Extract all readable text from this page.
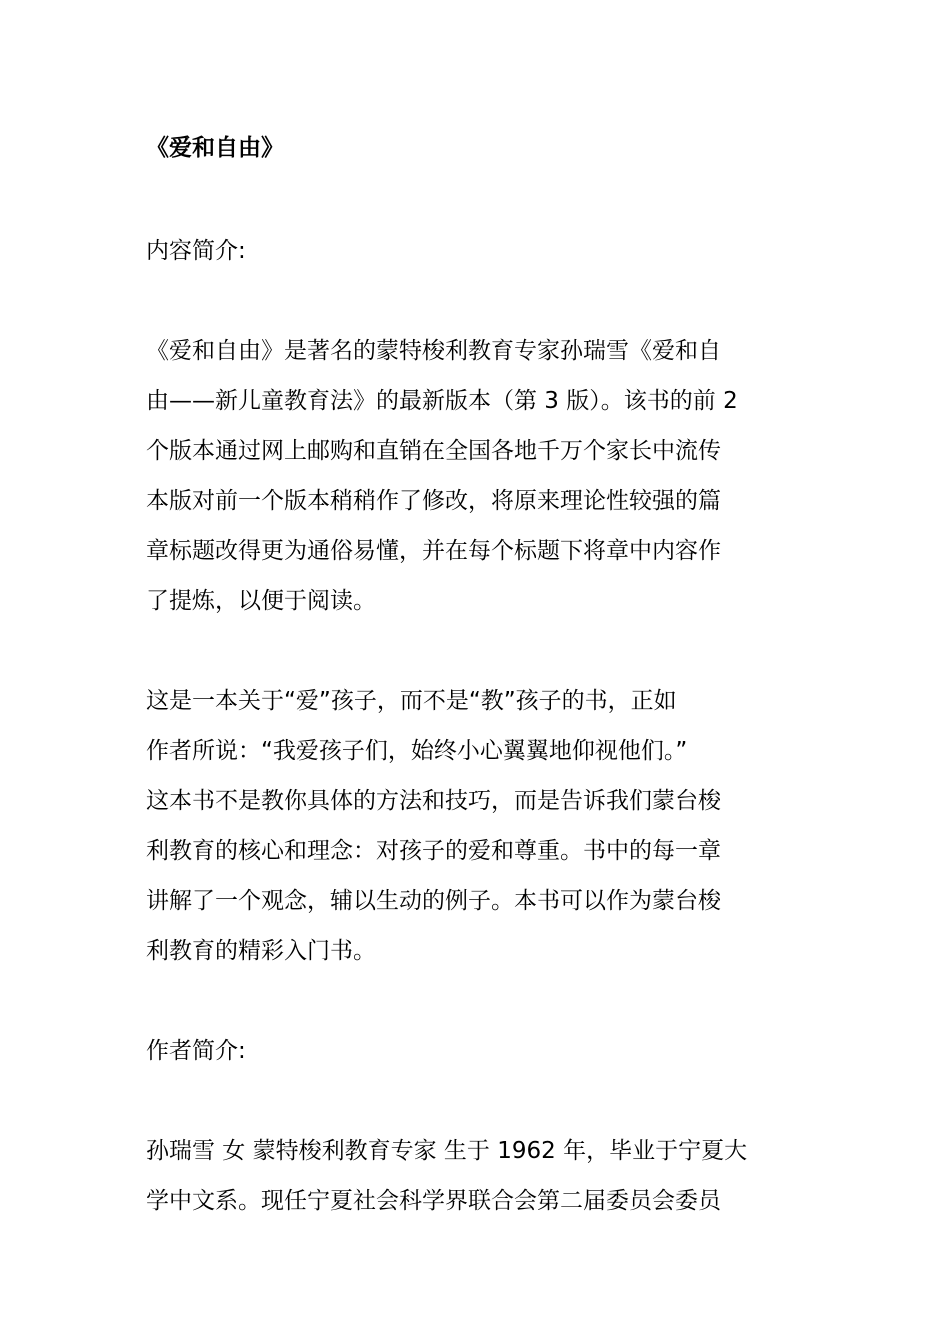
《爱和自由》

内容简介:

《爱和自由》是著名的蒙特梭利教育专家孙瑞雪《爱和自
由——新儿童教育法》的最新版本（第 3 版）。该书的前 2
个版本通过网上邮购和直销在全国各地千万个家长中流传
本版对前一个版本稍稍作了修改，将原来理论性较强的篇
章标题改得更为通俗易懂，并在每个标题下将章中内容作
了提炼，以便于阅读。

这是一本关于“爱”孩子，而不是“教”孩子的书，正如
作者所说：“我爱孩子们，始终小心翼翼地仰视他们。”
这本书不是教你具体的方法和技巧，而是告诉我们蒙台梭
利教育的核心和理念：对孩子的爱和尊重。书中的每一章
讲解了一个观念，辅以生动的例子。本书可以作为蒙台梭
利教育的精彩入门书。

作者简介:

孙瑞雪 女 蒙特梭利教育专家 生于 1962 年，毕业于宁夏大
学中文系。现任宁夏社会科学界联合会第二届委员会委员
